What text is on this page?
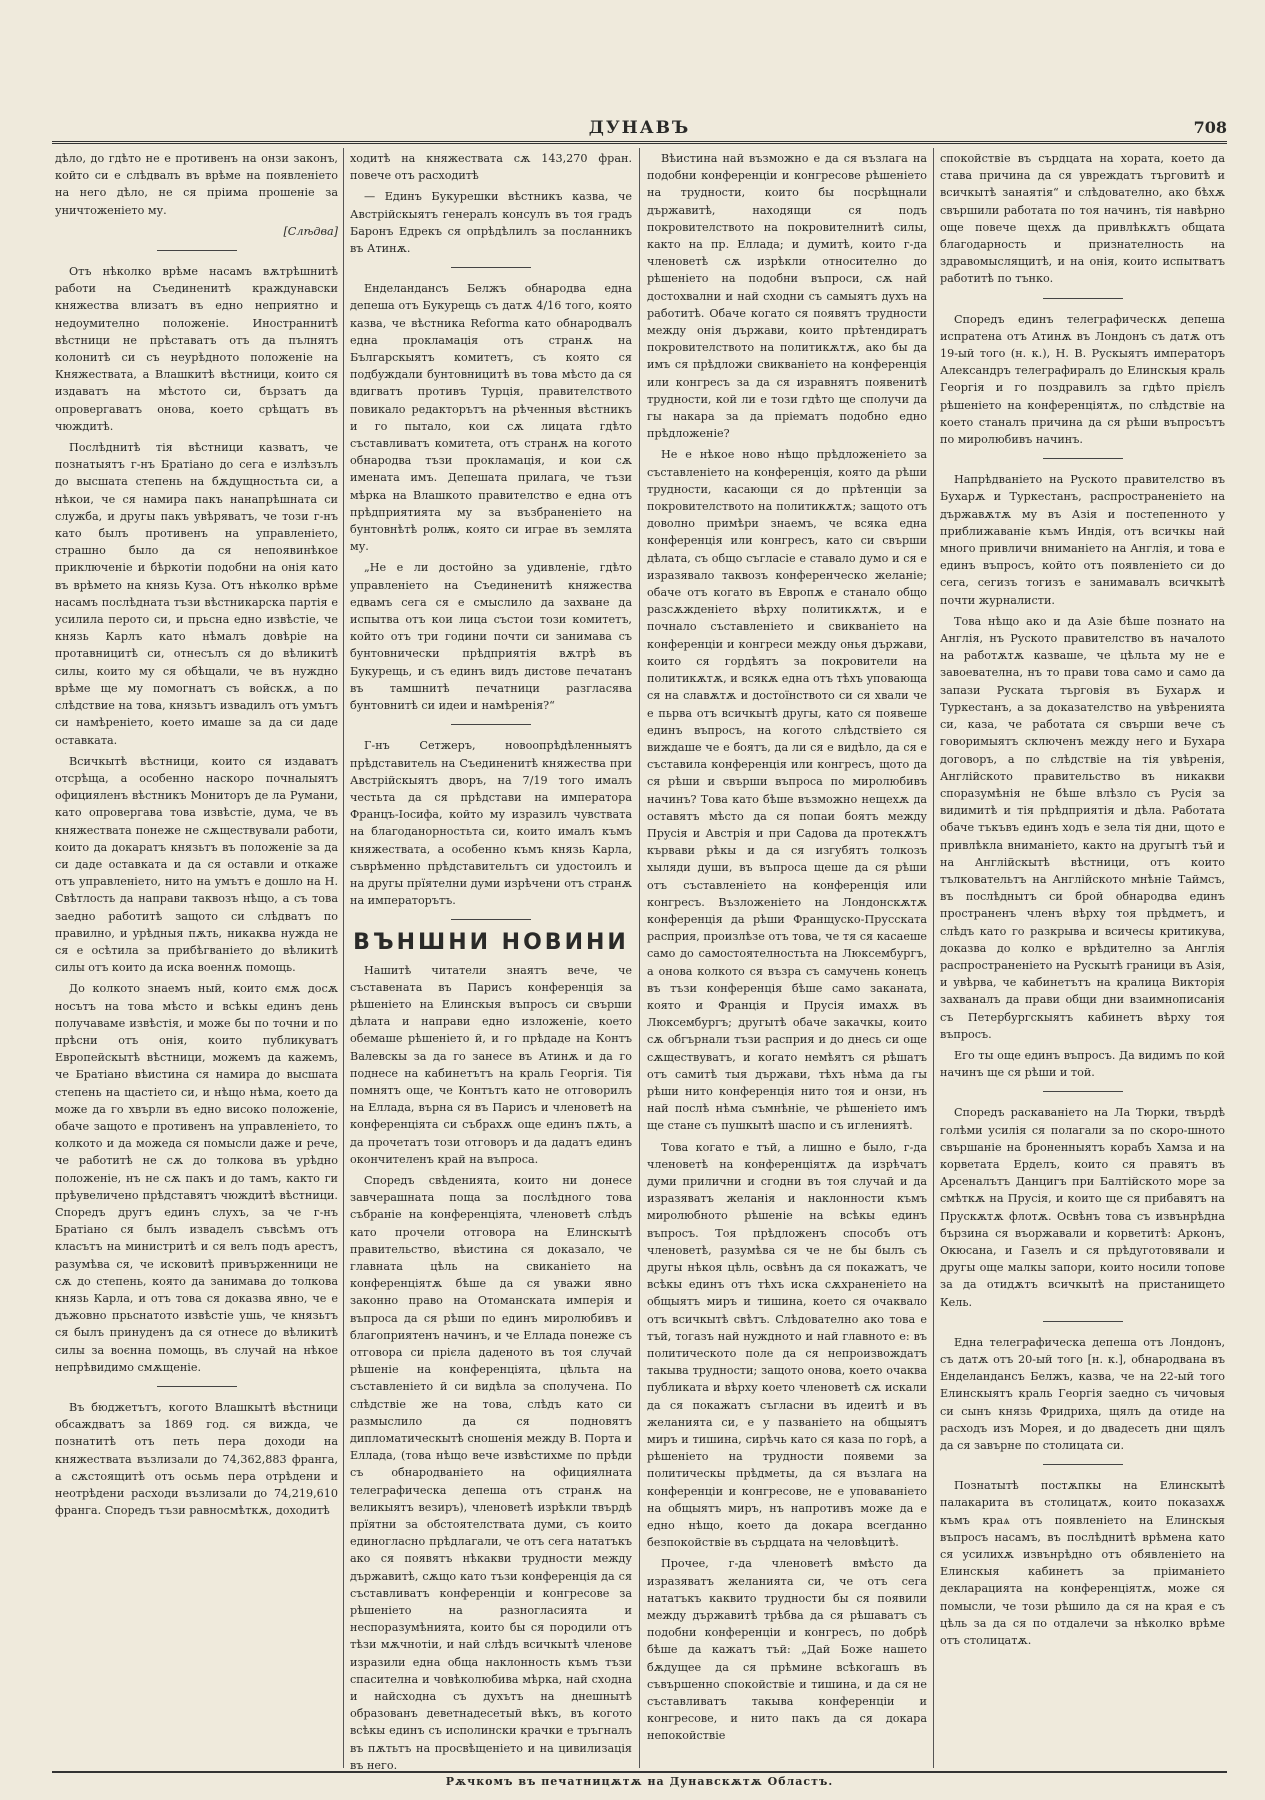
ДУНАВЪ	708

дѣло, до гдѣто не е противенъ на онзи законъ, който си е слѣдвалъ въ врѣме на появленіето на него дѣло, не ся пріима прошеніе за уничтоженіето му.

[Слѣдва]

Отъ нѣколко врѣме насамъ вѫтрѣшнитѣ работи на Съединенитѣ краждунавски княжества влизатъ въ едно неприятно и недоумително положеніе. Иностраннитѣ вѣстници не прѣставатъ отъ да пълнятъ колонитѣ си съ неурѣдното положеніе на Княжествата, а Влашкитѣ вѣстници, които ся издаватъ на мѣстото си, бързатъ да опровергаватъ онова, което срѣщатъ въ чюждитѣ.

Послѣднитѣ тія вѣстници казватъ, че познатыятъ г-нъ Братіано до сега е излѣзълъ до высшата степень на бѫдущностьта си, а нѣкои, че ся намира пакъ нанапрѣшната си служба, и другы пакъ увѣряватъ, че този г-нъ като былъ противенъ на управленіето, страшно было да ся непоявинѣкое приключеніе и бѣркотіи подобни на онія като въ врѣмето на князь Куза. Отъ нѣколко врѣме насамъ послѣдната тъзи вѣстникарска партія е усилила перото си, и прьсна едно извѣстіе, че князь Карлъ като нѣмалъ довѣріе на протавницитѣ си, отнесълъ ся до вѣликитѣ силы, които му ся обѣщали, че въ нуждно врѣме ще му помогнатъ съ войскѫ, а по слѣдствие на това, князьтъ извадилъ отъ умътъ си намѣреніето, което имаше за да си даде оставката.

Всичкытѣ вѣстници, които ся издаватъ отсрѣща, а особенно наскоро почналыятъ официяленъ вѣстникъ Мониторъ де ла Румани, като опровергава това извѣстіе, дума, че въ княжествата понеже не сѫществували работи, които да докаратъ князьтъ въ положеніе за да си даде оставката и да ся оставли и откаже отъ управленіето, нито на умътъ е дошло на Н. Свѣтлость да направи таквозъ нѣщо, а съ това заедно работитѣ защото си слѣдватъ по правилно, и урѣдныя пѫть, никаква нужда не ся е осѣтила за прибѣгваніето до вѣликитѣ силы отъ които да иска военнѫ помощь.

До колкото знаемъ ный, които ємѫ досѫ носътъ на това мѣсто и всѣкы единъ день получаваме извѣстія, и може бы по точни и по прѣсни отъ онія, които публикуватъ Европейскытѣ вѣстници, можемъ да кажемъ, че Братіано вѣистина ся намира до высшата степень на щастіето си, и нѣщо нѣма, което да може да го хвърли въ едно високо положеніе, обаче защото е противенъ на управленіето, то колкото и да можеда ся помысли даже и рече, че работитѣ не сѫ до толкова въ урѣдно положеніе, нъ не сѫ пакъ и до тамъ, както ги прѣувеличено прѣдставятъ чюждитѣ вѣстници. Споредъ другъ единъ слухъ, за че г-нъ Братіано ся былъ изваделъ съвсѣмъ отъ класътъ на министритѣ и ся велъ подъ арестъ, разумѣва ся, че исковитѣ привърженници не сѫ до степень, която да занимава до толкова князь Карла, и отъ това ся доказва явно, че е дъжовно прьснатото извѣстіе ушь, че князьтъ ся былъ принуденъ да ся отнесе до вѣликитѣ силы за воєнна помощь, въ случай на нѣкое непрѣвидимо смѫщеніе.

Въ бюджетътъ, когото Влашкытѣ вѣстници обсаждватъ за 1869 год. ся вижда, че познатитѣ отъ петь пера доходи на княжествата възлизали до 74,362,883 франга, а сѫстоящитѣ отъ осьмь пера отрѣдени и неотрѣдени расходи възлизали до 74,219,610 франга. Споредъ тъзи равносмѣткѫ, доходитѣ

ходитѣ на княжествата сѫ 143,270 фран. повече отъ расходитѣ

— Единъ Букурешки вѣстникъ казва, че Австрійскыятъ генералъ консулъ въ тоя градъ Баронъ Едрекъ ся опрѣдѣлилъ за посланникъ въ Атинѫ.

Енделандансъ Белжъ обнародва една депеша отъ Букурещь съ датѫ 4/16 того, която казва, че вѣстника Reforma като обнародвалъ една прокламація отъ странѫ на Българскыятъ комитетъ, съ която ся подбуждали бунтовницитѣ въ това мѣсто да ся вдигватъ противъ Турція, правителството повикало редакторътъ на рѣченныя вѣстникъ и го пытало, кои сѫ лицата гдѣто съставливатъ комитета, отъ странѫ на когото обнародва тъзи прокламація, и кои сѫ имената имъ. Депешата прилага, че тъзи мѣрка на Влашкото правителство е една отъ прѣдприятията му за възбраненіето на бунтовнѣтѣ ролѭ, която си играе въ землята му.

„Не е ли достойно за удивленіе, гдѣто управленіето на Съединенитѣ княжества едвамъ сега ся е смыслило да захване да испытва отъ кои лица състои този комитетъ, който отъ три години почти си занимава съ бунтовнически прѣдприятія вѫтрѣ въ Букурещь, и съ единъ видъ дистове печатанъ въ тамшнитѣ печатници разгласява бунтовнитѣ си идеи и намѣренія?“

Г-нъ Сетжеръ, новоопрѣдѣленныятъ прѣдставитель на Съединенитѣ княжества при Австрійскыятъ дворъ, на 7/19 того ималъ честьта да ся прѣдстави на императора Францъ-Іосифа, който му изразилъ чувствата на благоданорностьта си, които ималъ къмъ княжествата, а особенно къмъ князь Карла, съврѣменно прѣдставительтъ си удостоилъ и на другы прїятелни думи изрѣчени отъ странѫ на императорътъ.

ВЪНШНИ НОВИНИ

Нашитѣ читатели знаятъ вече, че съставената въ Парисъ конференція за рѣшеніето на Елинскыя въпросъ си свърши дѣлата и направи едно изложеніе, което обемаше рѣшеніето й, и го прѣдаде на Контъ Валевскы за да го занесе въ Атинѫ и да го поднесе на кабинетътъ на краль Георгія. Тія помнятъ още, че Контътъ като не отговорилъ на Еллада, върна ся въ Парисъ и членоветѣ на конференціята си събрахѫ още единъ пѫть, а да прочетатъ този отговоръ и да дадатъ единъ окончителенъ край на въпроса.

Споредъ свѣденията, които ни донесе завчерашната поща за послѣдного това събраніе на конференціята, членоветѣ слѣдъ като прочели отговора на Елинскытѣ правительство, вѣистина ся доказало, че главната цѣль на свиканіето на конференціятѫ бѣше да ся уважи явно законно право на Отоманската имперія и въпроса да ся рѣши по единъ миролюбивъ и благоприятенъ начинъ, и че Еллада понеже съ отговора си прієла даденото въ тоя случай рѣшеніе на конференціята, цѣльта на съставленіето й си видѣла за сполучена. По слѣдствіе же на това, слѣдъ като си размыслило да ся подновятъ дипломатическытѣ сношенія между В. Порта и Еллада, (това нѣщо вече извѣстихме по прѣди съ обнародваніето на официялната телеграфическа депеша отъ странѫ на великыятъ везиръ), членоветѣ изрѣкли твърдѣ прїятни за обстоятелствата думи, съ които единогласно прѣдлагали, че отъ сега нататъкъ ако ся появятъ нѣкакви трудности между държавитѣ, сѫщо като тъзи конференція да ся съставливатъ конференціи и конгресове за рѣшеніето на разногласията и неспоразумѣнията, които бы ся породили отъ тѣзи мѫчнотіи, и най слѣдъ всичкытѣ членове изразили една обща наклонность къмъ тъзи спасителна и човѣколюбива мѣрка, най сходна и найсходна съ духътъ на днешнытѣ образованъ деветнадесетый вѣкъ, въ когото всѣкы единъ съ исполински крачки е тръгналъ въ пѫтьтъ на просвѣщеніето и на цивилизація въ него.

Вѣистина най възможно е да ся възлага на подобни конференціи и конгресове рѣшеніето на трудности, които бы посрѣщнали държавитѣ, находящи ся подъ покровителството на покровителнитѣ силы, както на пр. Еллада; и думитѣ, които г-да членоветѣ сѫ изрѣкли относително до рѣшеніето на подобни въпроси, сѫ най достохвални и най сходни съ самыятъ духъ на работитѣ. Обаче когато ся появятъ трудности между онія държави, които прѣтендиратъ покровителството на политикѫтѫ, ако бы да имъ ся прѣдложи свикваніето на конференція или конгресъ за да ся изравнятъ появенитѣ трудности, кой ли е този гдѣто ще сполучи да гы накара за да пріематъ подобно едно прѣдложеніе?

Не е нѣкое ново нѣщо прѣдложеніето за съставленіето на конференція, която да рѣши трудности, касающи ся до прѣтенціи за покровителството на политикѫтѫ; защото отъ доволно примѣри знаемъ, че всяка една конференція или конгресъ, като си свърши дѣлата, съ общо съгласіе е ставало думо и ся е изразявало таквозъ конференческо желаніе; обаче отъ когато въ Европѫ е станало общо разсѫжденіето вѣрху политикѫтѫ, и е почнало съставленіето и свикваніето на конференціи и конгреси между онья държави, които ся гордѣятъ за покровители на политикѫтѫ, и всякѫ една отъ тѣхъ уповающа ся на славѫтѫ и достоїнството си ся хвали че е пьрва отъ всичкытѣ другы, като ся появеше единъ въпросъ, на когото слѣдствіето ся виждаше че е боятъ, да ли ся е видѣло, да ся е съставила конференція или конгресъ, щото да ся рѣши и свърши въпроса по миролюбивъ начинъ? Това като бѣше възможно нещехѫ да оставятъ мѣсто да ся попаи боятъ между Прусія и Австрія и при Садова да протекѫтъ кървави рѣкы и да ся изгубятъ толкозъ хыляди души, въ въпроса щеше да ся рѣши отъ съставленіето на конференція или конгресъ. Възложеніето на Лондонскѫтѫ конференція да рѣши Франщуско-Прусската расприя, произлѣзе отъ това, че тя ся касаеше само до самостоятелностьта на Люксембургъ, а онова колкото ся възра съ самучень конецъ въ тъзи конференція бѣше само заканата, която и Франція и Прусія имахѫ въ Люксембургъ; другытѣ обаче закачкы, които сѫ обгърнали тъзи расприя и до днесь си още сѫществуватъ, и когато немѣятъ ся рѣшатъ отъ самитѣ тыя държави, тѣхъ нѣма да гы рѣши нито конференція нито тоя и онзи, нъ най послѣ нѣма съмнѣніе, че рѣшеніето имъ ще стане съ пушкытѣ шаспо и съ иглениятѣ.

Това когато е тъй, а лишно е было, г-да членоветѣ на конференціятѫ да изрѣчатъ думи прилични и сгодни въ тоя случай и да изразяватъ желанія и наклонности къмъ миролюбното рѣшеніе на всѣкы единъ въпросъ. Тоя прѣдложенъ способъ отъ членоветѣ, разумѣва ся че не бы былъ съ другы нѣкоя цѣль, освѣнъ да ся покажатъ, че всѣкы единъ отъ тѣхъ иска сѫхраненіето на общыятъ миръ и тишина, което ся очаквало отъ всичкытѣ свѣтъ. Слѣдователно ако това е тъй, тогазъ най нуждното и най главното е: въ политическото поле да ся непроизвождатъ такыва трудности; защото онова, което очаква публиката и вѣрху което членоветѣ сѫ искали да ся покажатъ съгласни въ идеитѣ и въ желанията си, е у пазваніето на общыятъ миръ и тишина, сирѣчь като ся каза по горѣ, а рѣшеніето на трудности появеми за политическы прѣдметы, да ся възлага на конференціи и конгресове, не е уповаваніето на общыятъ миръ, нъ напротивъ може да е едно нѣщо, което да докара всегданно безпокойствіе въ сърдцата на человѣцитѣ.

Прочее, г-да членоветѣ вмѣсто да изразяватъ желанията си, че отъ сега нататъкъ каквито трудности бы ся появили между държавитѣ трѣбва да ся рѣшаватъ съ подобни конференціи и конгресъ, по добрѣ бѣше да кажатъ тъй: „Дай Боже нашето бѫдущее да ся прѣмине всѣкогашъ въ съвършенно спокойствіе и тишина, и да ся не съставливатъ такыва конференціи и конгресове, и нито пакъ да ся докара непокойствіе

спокойствіе въ сърдцата на хората, което да става причина да ся увреждатъ търговитѣ и всичкытѣ занаятія“ и слѣдователно, ако бѣхѫ свършили работата по тоя начинъ, тія навѣрно още повече щехѫ да привлѣкѫтъ общата благодарность и признателность на здравомыслящитѣ, и на онія, които испытватъ работитѣ по тънко.

Споредъ единъ телеграфическѫ депеша испратена отъ Атинѫ въ Лондонъ съ датѫ отъ 19-ый того (н. к.), Н. В. Рускыятъ императоръ Александръ телеграфиралъ до Елинскыя краль Георгія и го поздравилъ за гдѣто прієлъ рѣшеніето на конференціятѫ, по слѣдствіе на което станалъ причина да ся рѣши въпросътъ по миролюбивъ начинъ.

Напрѣдваніето на Руското правителство въ Бухарѫ и Туркестанъ, распространеніето на държавѫтѫ му въ Азія и постепенното у приближаваніе къмъ Индія, отъ всичкы най много привличи вниманіето на Англія, и това е единъ въпросъ, който отъ появленіето си до сега, сегизъ тогизъ е занимавалъ всичкытѣ почти журналисти.

Това нѣщо ако и да Азіе бѣше познато на Англія, нъ Руското правителство въ началото на работѫтѫ казваше, че цѣльта му не е завоевателна, нъ то прави това само и само да запази Руската търговія въ Бухарѫ и Туркестанъ, а за доказателство на увѣренията си, каза, че работата ся свърши вече съ говоримыятъ сключенъ между него и Бухара договоръ, а по слѣдствіе на тія увѣренія, Англійското правительство въ никакви споразумѣнія не бѣше влѣзло съ Русія за видимитѣ и тія прѣдприятія и дѣла. Работата обаче тъкъвъ единъ ходъ е зела тія дни, щото е привлѣкла вниманіето, както на другытѣ тъй и на Англійскытѣ вѣстници, отъ които тълковательтъ на Англійското мнѣніе Таймсъ, въ послѣднытъ си брой обнародва единъ пространенъ членъ вѣрху тоя прѣдметъ, и слѣдъ като го разкрыва и всичесы критикува, доказва до колко е врѣдително за Англія распространеніето на Рускытѣ граници въ Азія, и увѣрва, че кабинетътъ на кралица Викторія захваналъ да прави общи дни взаимнописанія съ Петербургскыятъ кабинетъ вѣрху тоя въпросъ.

Его ты още единъ въпросъ. Да видимъ по кой начинъ ще ся рѣши и той.

Споредъ раскаваніето на Ла Тюрки, твърдѣ голѣми усилія ся полагали за по скоро-шното свършаніе на броненныятъ корабъ Хамза и на корветата Ерделъ, които ся правятъ въ Арсеналътъ Данцигъ при Балтійското море за смѣткѫ на Прусія, и които ще ся прибавятъ на Прускѫтѫ флотѫ. Освѣнъ това съ извънрѣдна бързина ся въоржавали и корветитѣ: Арконъ, Окюсана, и Газелъ и ся прѣдуготовявали и другы още малкы запори, които носили топове за да отидѫтъ всичкытѣ на пристанището Кель.

Една телеграфическа депеша отъ Лондонъ, съ датѫ отъ 20-ый того [н. к.], обнародвана въ Енделандансъ Белжъ, казва, че на 22-ый того Елинскыятъ краль Георгія заедно съ чичовыя си сынъ князь Фридриха, щялъ да отиде на расходъ изъ Морея, и до двадесеть дни щялъ да ся завърне по столицата си.

Познатытѣ постѫпкы на Елинскытѣ палакарита въ столицатѫ, които показахѫ къмъ краѧ отъ появленіето на Елинскыя въпросъ насамъ, въ послѣднитѣ врѣмена като ся усилихѫ извънрѣдно отъ обявленіето на Елинскыя кабинетъ за пріиманіето декларацията на конференціятѫ, може ся помысли, че този рѣшило да ся на края е съ цѣль за да ся по отдалечи за нѣколко врѣме отъ столицатѫ.

Рѫчкомъ въ печатницѫтѫ на Дунавскѫтѫ Областъ.
